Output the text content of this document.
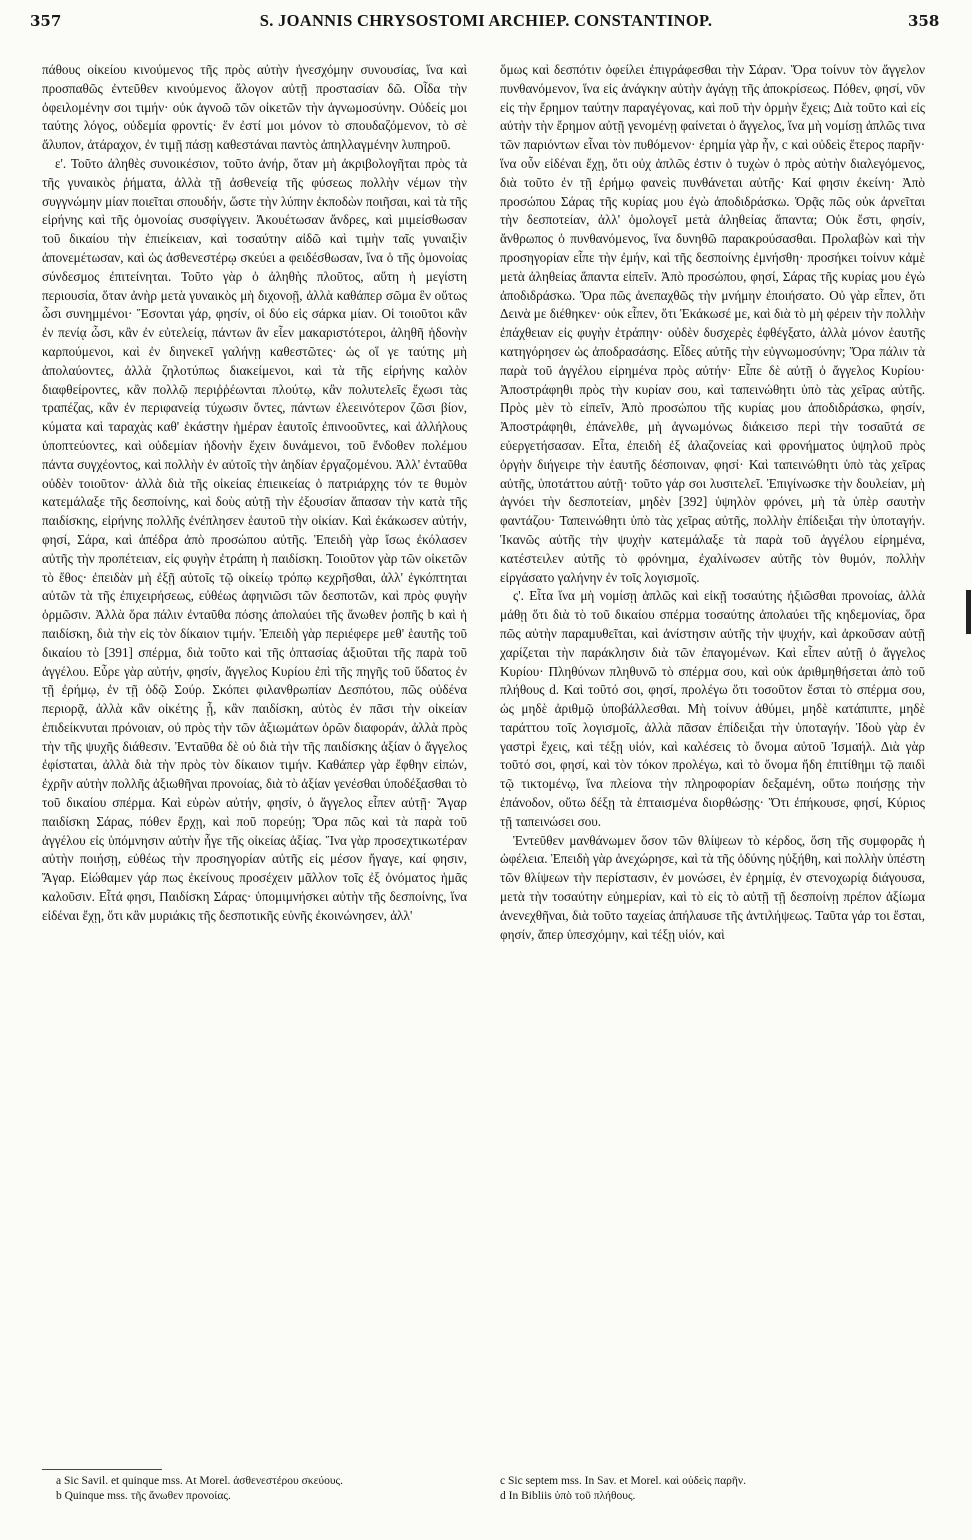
357	S. JOANNIS CHRYSOSTOMI ARCHIEP. CONSTANTINOP.	358

πάθους οἰκείου κινούμενος τῆς πρὸς αὐτὴν ἠνεσχόμην συνουσίας, ἵνα καὶ προσπαθῶς ἐντεῦθεν κινούμενος ἄλογον αὐτῇ προστασίαν δῶ. Οἶδα τὴν ὀφειλομένην σοι τιμήν· οὐκ ἀγνοῶ τῶν οἰκετῶν τὴν ἀγνωμοσύνην. Οὐδείς μοι ταύτης λόγος, οὐδεμία φροντίς· ἕν ἐστί μοι μόνον τὸ σπουδαζόμενον, τὸ σὲ ἄλυπον, ἀτάραχον, ἐν τιμῇ πάσῃ καθεστάναι παντὸς ἀπηλλαγμένην λυπηροῦ.

ε'. Τοῦτο ἀληθὲς συνοικέσιον, τοῦτο ἀνήρ, ὅταν μὴ ἀκριβολογῆται πρὸς τὰ τῆς γυναικὸς ῥήματα, ἀλλὰ τῇ ἀσθενείᾳ τῆς φύσεως πολλὴν νέμων τὴν συγγνώμην μίαν ποιεῖται σπουδήν, ὥστε τὴν λύπην ἐκποδὼν ποιῆσαι, καὶ τὰ τῆς εἰρήνης καὶ τῆς ὁμονοίας συσφίγγειν. Ἀκουέτωσαν ἄνδρες, καὶ μιμείσθωσαν τοῦ δικαίου τὴν ἐπιείκειαν, καὶ τοσαύτην αἰδῶ καὶ τιμὴν ταῖς γυναιξὶν ἀπονεμέτωσαν, καὶ ὡς ἀσθενεστέρῳ σκεύει a φειδέσθωσαν, ἵνα ὁ τῆς ὁμονοίας σύνδεσμος ἐπιτείνηται. Τοῦτο γὰρ ὁ ἀληθὴς πλοῦτος, αὕτη ἡ μεγίστη περιουσία, ὅταν ἀνὴρ μετὰ γυναικὸς μὴ διχονοῇ, ἀλλὰ καθάπερ σῶμα ἓν οὕτως ὦσι συνημμένοι· Ἔσονται γάρ, φησίν, οἱ δύο εἰς σάρκα μίαν. Οἱ τοιοῦτοι κἂν ἐν πενίᾳ ὦσι, κἂν ἐν εὐτελείᾳ, πάντων ἂν εἶεν μακαριστότεροι, ἀληθῆ ἡδονὴν καρπούμενοι, καὶ ἐν διηνεκεῖ γαλήνῃ καθεστῶτες· ὡς οἵ γε ταύτης μὴ ἀπολαύοντες, ἀλλὰ ζηλοτύπως διακείμενοι, καὶ τὰ τῆς εἰρήνης καλὸν διαφθείροντες, κἂν πολλῷ περιῤῥέωνται πλούτῳ, κἂν πολυτελεῖς ἔχωσι τὰς τραπέζας, κἂν ἐν περιφανείᾳ τύχωσιν ὄντες, πάντων ἐλεεινότερον ζῶσι βίον, κύματα καὶ ταραχὰς καθ' ἑκάστην ἡμέραν ἑαυτοῖς ἐπινοοῦντες, καὶ ἀλλήλους ὑποπτεύοντες, καὶ οὐδεμίαν ἡδονὴν ἔχειν δυνάμενοι, τοῦ ἔνδοθεν πολέμου πάντα συγχέοντος, καὶ πολλὴν ἐν αὐτοῖς τὴν ἀηδίαν ἐργαζομένου. Ἀλλ' ἐνταῦθα οὐδὲν τοιοῦτον· ἀλλὰ διὰ τῆς οἰκείας ἐπιεικείας ὁ πατριάρχης τόν τε θυμὸν κατεμάλαξε τῆς δεσποίνης, καὶ δοὺς αὐτῇ τὴν ἐξουσίαν ἅπασαν τὴν κατὰ τῆς παιδίσκης, εἰρήνης πολλῆς ἐνέπλησεν ἑαυτοῦ τὴν οἰκίαν. Καὶ ἐκάκωσεν αὐτήν, φησί, Σάρα, καὶ ἀπέδρα ἀπὸ προσώπου αὐτῆς. Ἐπειδὴ γὰρ ἴσως ἐκόλασεν αὐτῆς τὴν προπέτειαν, εἰς φυγὴν ἐτράπη ἡ παιδίσκη. Τοιοῦτον γὰρ τῶν οἰκετῶν τὸ ἔθος· ἐπειδὰν μὴ ἐξῇ αὐτοῖς τῷ οἰκείῳ τρόπῳ κεχρῆσθαι, ἀλλ' ἐγκόπτηται αὐτῶν τὰ τῆς ἐπιχειρήσεως, εὐθέως ἀφηνιῶσι τῶν δεσποτῶν, καὶ πρὸς φυγὴν ὁρμῶσιν. Ἀλλὰ ὅρα πάλιν ἐνταῦθα πόσης ἀπολαύει τῆς ἄνωθεν ῥοπῆς b καὶ ἡ παιδίσκη, διὰ τὴν εἰς τὸν δίκαιον τιμήν. Ἐπειδὴ γὰρ περιέφερε μεθ' ἑαυτῆς τοῦ δικαίου τὸ [391] σπέρμα, διὰ τοῦτο καὶ τῆς ὀπτασίας ἀξιοῦται τῆς παρὰ τοῦ ἀγγέλου. Εὗρε γὰρ αὐτήν, φησίν, ἄγγελος Κυρίου ἐπὶ τῆς πηγῆς τοῦ ὕδατος ἐν τῇ ἐρήμῳ, ἐν τῇ ὁδῷ Σούρ. Σκόπει φιλανθρωπίαν Δεσπότου, πῶς οὐδένα περιορᾷ, ἀλλὰ κἂν οἰκέτης ᾖ, κἂν παιδίσκη, αὐτὸς ἐν πᾶσι τὴν οἰκείαν ἐπιδείκνυται πρόνοιαν, οὐ πρὸς τὴν τῶν ἀξιωμάτων ὁρῶν διαφοράν, ἀλλὰ πρὸς τὴν τῆς ψυχῆς διάθεσιν. Ἐνταῦθα δὲ οὐ διὰ τὴν τῆς παιδίσκης ἀξίαν ὁ ἄγγελος ἐφίσταται, ἀλλὰ διὰ τὴν πρὸς τὸν δίκαιον τιμήν. Καθάπερ γὰρ ἔφθην εἰπών, ἐχρῆν αὐτὴν πολλῆς ἀξιωθῆναι προνοίας, διὰ τὸ ἀξίαν γενέσθαι ὑποδέξασθαι τὸ τοῦ δικαίου σπέρμα. Καὶ εὑρὼν αὐτήν, φησίν, ὁ ἄγγελος εἶπεν αὐτῇ· Ἄγαρ παιδίσκη Σάρας, πόθεν ἔρχῃ, καὶ ποῦ πορεύῃ; Ὅρα πῶς καὶ τὰ παρὰ τοῦ ἀγγέλου εἰς ὑπόμνησιν αὐτὴν ἦγε τῆς οἰκείας ἀξίας. Ἵνα γὰρ προσεχτικωτέραν αὐτὴν ποιήσῃ, εὐθέως τὴν προσηγορίαν αὐτῆς εἰς μέσον ἤγαγε, καί φησιν, Ἄγαρ. Εἰώθαμεν γάρ πως ἐκείνους προσέχειν μᾶλλον τοῖς ἐξ ὀνόματος ἡμᾶς καλοῦσιν. Εἶτά φησι, Παιδίσκη Σάρας· ὑπομιμνήσκει αὐτὴν τῆς δεσποίνης, ἵνα εἰδέναι ἔχῃ, ὅτι κἂν μυριάκις τῆς δεσποτικῆς εὐνῆς ἐκοινώνησεν, ἀλλ'

ὅμως καὶ δεσπότιν ὀφείλει ἐπιγράφεσθαι τὴν Σάραν. Ὅρα τοίνυν τὸν ἄγγελον πυνθανόμενον, ἵνα εἰς ἀνάγκην αὐτὴν ἀγάγῃ τῆς ἀποκρίσεως. Πόθεν, φησί, νῦν εἰς τὴν ἔρημον ταύτην παραγέγονας, καὶ ποῦ τὴν ὁρμὴν ἔχεις; Διὰ τοῦτο καὶ εἰς αὐτὴν τὴν ἔρημον αὐτῇ γενομένῃ φαίνεται ὁ ἄγγελος, ἵνα μὴ νομίσῃ ἁπλῶς τινα τῶν παριόντων εἶναι τὸν πυθόμενον· ἐρημία γὰρ ἦν, c καὶ οὐδεὶς ἕτερος παρῆν· ἵνα οὖν εἰδέναι ἔχῃ, ὅτι οὐχ ἁπλῶς ἐστιν ὁ τυχὼν ὁ πρὸς αὐτὴν διαλεγόμενος, διὰ τοῦτο ἐν τῇ ἐρήμῳ φανεὶς πυνθάνεται αὐτῆς· Καί φησιν ἐκείνη· Ἀπὸ προσώπου Σάρας τῆς κυρίας μου ἐγὼ ἀποδιδράσκω. Ὁρᾷς πῶς οὐκ ἀρνεῖται τὴν δεσποτείαν, ἀλλ' ὁμολογεῖ μετὰ ἀληθείας ἅπαντα; Οὐκ ἔστι, φησίν, ἄνθρωπος ὁ πυνθανόμενος, ἵνα δυνηθῶ παρακρούσασθαι. Προλαβὼν καὶ τὴν προσηγορίαν εἶπε τὴν ἐμήν, καὶ τῆς δεσποίνης ἐμνήσθη· προσήκει τοίνυν κἀμὲ μετὰ ἀληθείας ἅπαντα εἰπεῖν. Ἀπὸ προσώπου, φησί, Σάρας τῆς κυρίας μου ἐγὼ ἀποδιδράσκω. Ὅρα πῶς ἀνεπαχθῶς τὴν μνήμην ἐποιήσατο. Οὐ γὰρ εἶπεν, ὅτι Δεινὰ με διέθηκεν· οὐκ εἶπεν, ὅτι Ἐκάκωσέ με, καὶ διὰ τὸ μὴ φέρειν τὴν πολλὴν ἐπάχθειαν εἰς φυγὴν ἐτράπην· οὐδὲν δυσχερὲς ἐφθέγξατο, ἀλλὰ μόνον ἑαυτῆς κατηγόρησεν ὡς ἀποδρασάσης. Εἶδες αὐτῆς τὴν εὐγνωμοσύνην; Ὅρα πάλιν τὰ παρὰ τοῦ ἀγγέλου εἰρημένα πρὸς αὐτήν· Εἶπε δὲ αὐτῇ ὁ ἄγγελος Κυρίου· Ἀποστράφηθι πρὸς τὴν κυρίαν σου, καὶ ταπεινώθητι ὑπὸ τὰς χεῖρας αὐτῆς. Πρὸς μὲν τὸ εἰπεῖν, Ἀπὸ προσώπου τῆς κυρίας μου ἀποδιδράσκω, φησίν, Ἀποστράφηθι, ἐπάνελθε, μὴ ἀγνωμόνως διάκεισο περὶ τὴν τοσαῦτά σε εὐεργετήσασαν. Εἶτα, ἐπειδὴ ἐξ ἀλαζονείας καὶ φρονήματος ὑψηλοῦ πρὸς ὀργὴν διήγειρε τὴν ἑαυτῆς δέσποιναν, φησί· Καὶ ταπεινώθητι ὑπὸ τὰς χεῖρας αὐτῆς, ὑποτάττου αὐτῇ· τοῦτο γάρ σοι λυσιτελεῖ. Ἐπιγίνωσκε τὴν δουλείαν, μὴ ἀγνόει τὴν δεσποτείαν, μηδὲν [392] ὑψηλὸν φρόνει, μὴ τὰ ὑπὲρ σαυτὴν φαντάζου· Ταπεινώθητι ὑπὸ τὰς χεῖρας αὐτῆς, πολλὴν ἐπίδειξαι τὴν ὑποταγήν. Ἱκανῶς αὐτῆς τὴν ψυχὴν κατεμάλαξε τὰ παρὰ τοῦ ἀγγέλου εἰρημένα, κατέστειλεν αὐτῆς τὸ φρόνημα, ἐχαλίνωσεν αὐτῆς τὸν θυμόν, πολλὴν εἰργάσατο γαλήνην ἐν τοῖς λογισμοῖς.

ς'. Εἶτα ἵνα μὴ νομίσῃ ἁπλῶς καὶ εἰκῇ τοσαύτης ἠξιῶσθαι προνοίας, ἀλλὰ μάθῃ ὅτι διὰ τὸ τοῦ δικαίου σπέρμα τοσαύτης ἀπολαύει τῆς κηδεμονίας, ὅρα πῶς αὐτὴν παραμυθεῖται, καὶ ἀνίστησιν αὐτῆς τὴν ψυχήν, καὶ ἀρκοῦσαν αὐτῇ χαρίζεται τὴν παράκλησιν διὰ τῶν ἐπαγομένων. Καὶ εἶπεν αὐτῇ ὁ ἄγγελος Κυρίου· Πληθύνων πληθυνῶ τὸ σπέρμα σου, καὶ οὐκ ἀριθμηθήσεται ἀπὸ τοῦ πλήθους d. Καὶ τοῦτό σοι, φησί, προλέγω ὅτι τοσοῦτον ἔσται τὸ σπέρμα σου, ὡς μηδὲ ἀριθμῷ ὑποβάλλεσθαι. Μὴ τοίνυν ἀθύμει, μηδὲ κατάπιπτε, μηδὲ ταράττου τοῖς λογισμοῖς, ἀλλὰ πᾶσαν ἐπίδειξαι τὴν ὑποταγήν. Ἰδοὺ γὰρ ἐν γαστρὶ ἔχεις, καὶ τέξῃ υἱόν, καὶ καλέσεις τὸ ὄνομα αὐτοῦ Ἰσμαήλ. Διὰ γὰρ τοῦτό σοι, φησί, καὶ τὸν τόκον προλέγω, καὶ τὸ ὄνομα ἤδη ἐπιτίθημι τῷ παιδὶ τῷ τικτομένῳ, ἵνα πλείονα τὴν πληροφορίαν δεξαμένη, οὕτω ποιήσῃς τὴν ἐπάνοδον, οὕτω δέξῃ τὰ ἐπταισμένα διορθώσῃς· Ὅτι ἐπήκουσε, φησί, Κύριος τῇ ταπεινώσει σου.

Ἐντεῦθεν μανθάνωμεν ὅσον τῶν θλίψεων τὸ κέρδος, ὅση τῆς συμφορᾶς ἡ ὠφέλεια. Ἐπειδὴ γὰρ ἀνεχώρησε, καὶ τὰ τῆς ὀδύνης ηὐξήθη, καὶ πολλὴν ὑπέστη τῶν θλίψεων τὴν περίστασιν, ἐν μονώσει, ἐν ἐρημίᾳ, ἐν στενοχωρίᾳ διάγουσα, μετὰ τὴν τοσαύτην εὐημερίαν, καὶ τὸ εἰς τὸ αὐτῇ τῇ δεσποίνῃ πρέπον ἀξίωμα ἀνενεχθῆναι, διὰ τοῦτο ταχείας ἀπήλαυσε τῆς ἀντιλήψεως. Ταῦτα γάρ τοι ἔσται, φησίν, ἅπερ ὑπεσχόμην, καὶ τέξῃ υἱόν, καὶ

a Sic Savil. et quinque mss. At Morel. ἀσθενεστέρου σκεύους.
b Quinque mss. τῆς ἄνωθεν προνοίας.
c Sic septem mss. In Sav. et Morel. καὶ οὐδεὶς παρῆν.
d In Bibliis ὑπὸ τοῦ πλήθους.
